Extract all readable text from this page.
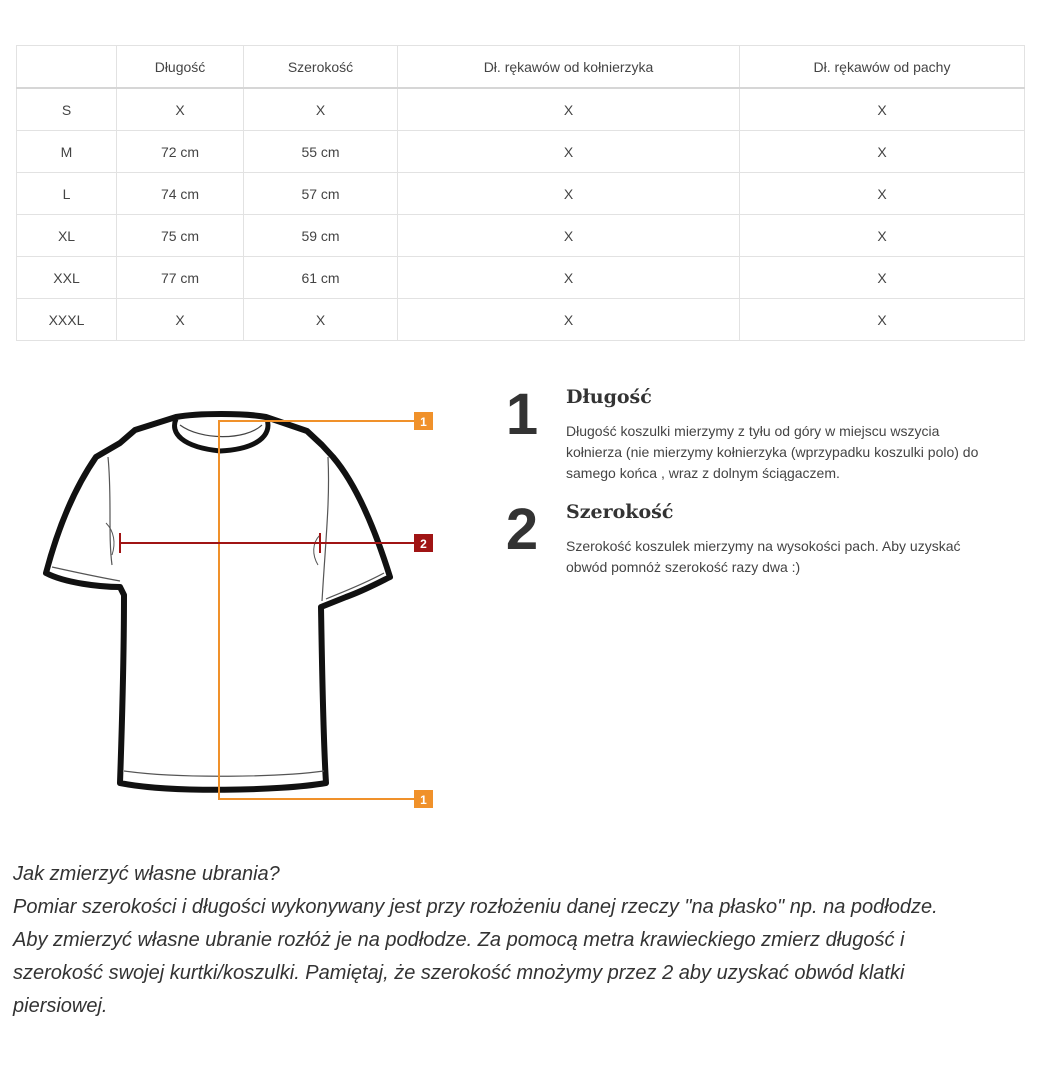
	Długość	Szerokość	Dł. rękawów od kołnierzyka	Dł. rękawów od pachy
S	X	X	X	X
M	72 cm	55 cm	X	X
L	74 cm	57 cm	X	X
XL	75 cm	59 cm	X	X
XXL	77 cm	61 cm	X	X
XXXL	X	X	X	X
1
1
2
1	Długość
Długość koszulki mierzymy z tyłu od góry w miejscu wszycia kołnierza (nie mierzymy kołnierzyka (wprzypadku koszulki polo) do samego końca , wraz z dolnym ściągaczem.
2	Szerokość
Szerokość koszulek mierzymy na wysokości pach. Aby uzyskać obwód pomnóż szerokość razy dwa :)

Jak zmierzyć własne ubrania?

Pomiar szerokości i długości wykonywany jest przy rozłożeniu danej rzeczy "na płasko" np. na podłodze. Aby zmierzyć własne ubranie rozłóż je na podłodze. Za pomocą metra krawieckiego zmierz długość i szerokość swojej kurtki/koszulki. Pamiętaj, że szerokość mnożymy przez 2 aby uzyskać obwód klatki piersiowej.
